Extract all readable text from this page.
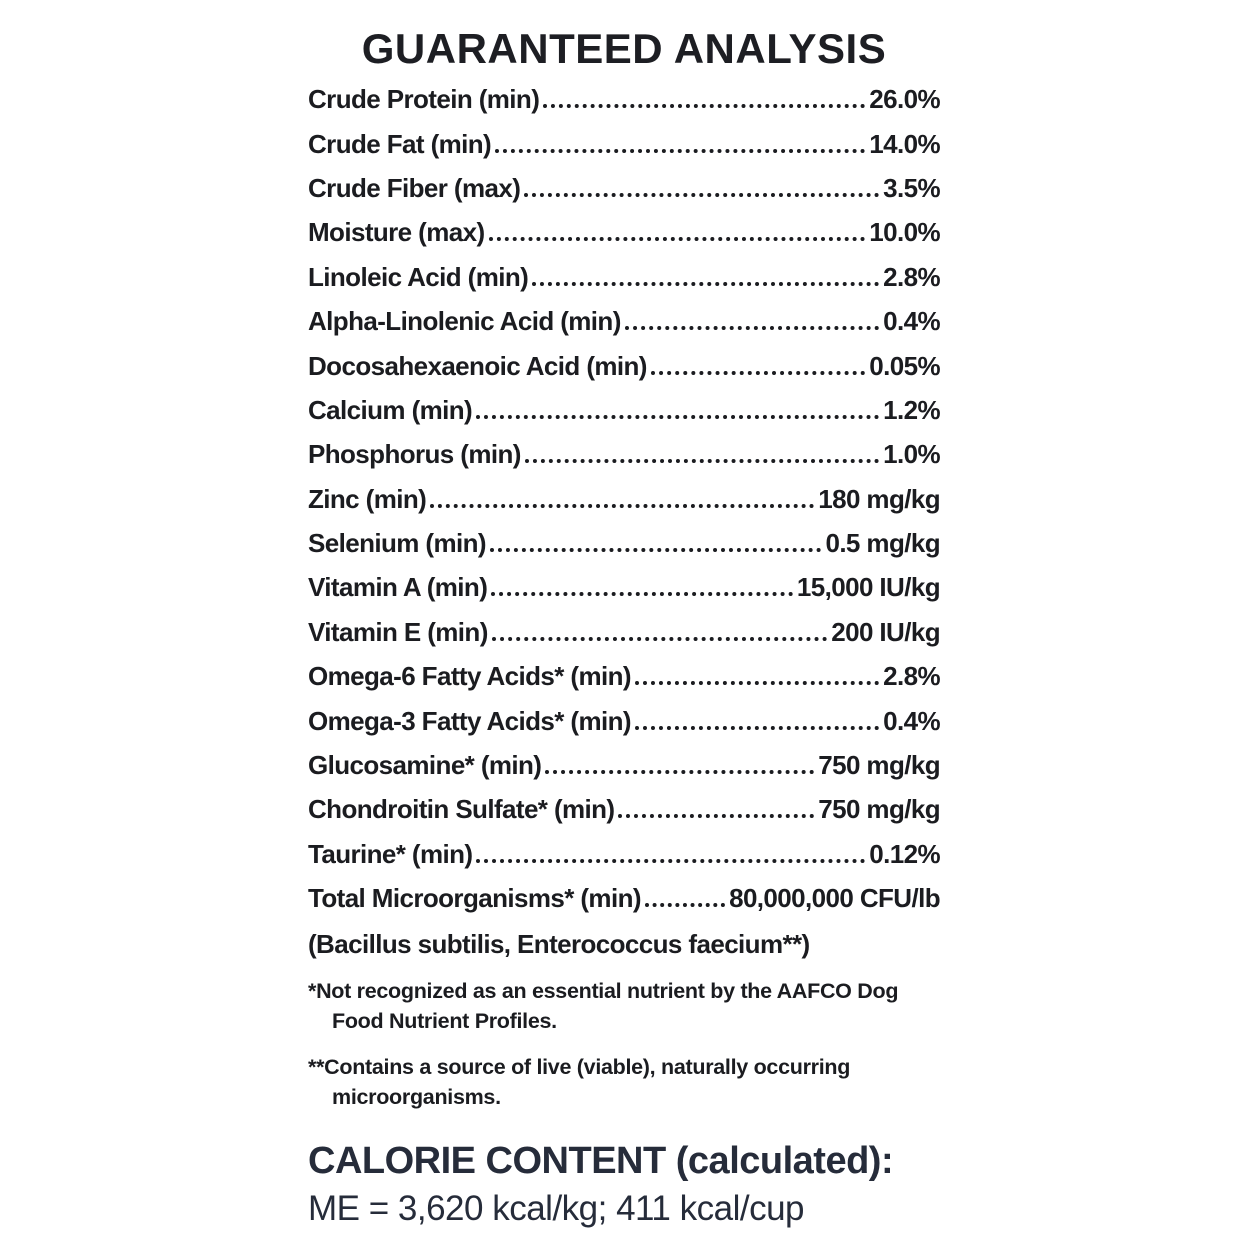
GUARANTEED ANALYSIS
Crude Protein (min)	26.0%
Crude Fat (min)	14.0%
Crude Fiber (max)	3.5%
Moisture (max)	10.0%
Linoleic Acid (min)	2.8%
Alpha-Linolenic Acid (min)	0.4%
Docosahexaenoic Acid (min)	0.05%
Calcium (min)	1.2%
Phosphorus (min)	1.0%
Zinc (min)	180 mg/kg
Selenium (min)	0.5 mg/kg
Vitamin A (min)	15,000 IU/kg
Vitamin E (min)	200 IU/kg
Omega-6 Fatty Acids* (min)	2.8%
Omega-3 Fatty Acids* (min)	0.4%
Glucosamine* (min)	750 mg/kg
Chondroitin Sulfate* (min)	750 mg/kg
Taurine* (min)	0.12%
Total Microorganisms* (min)	80,000,000 CFU/lb
(Bacillus subtilis, Enterococcus faecium**)

*Not recognized as an essential nutrient by the AAFCO Dog Food Nutrient Profiles.

**Contains a source of live (viable), naturally occurring microorganisms.

CALORIE CONTENT (calculated):
ME = 3,620 kcal/kg; 411 kcal/cup
